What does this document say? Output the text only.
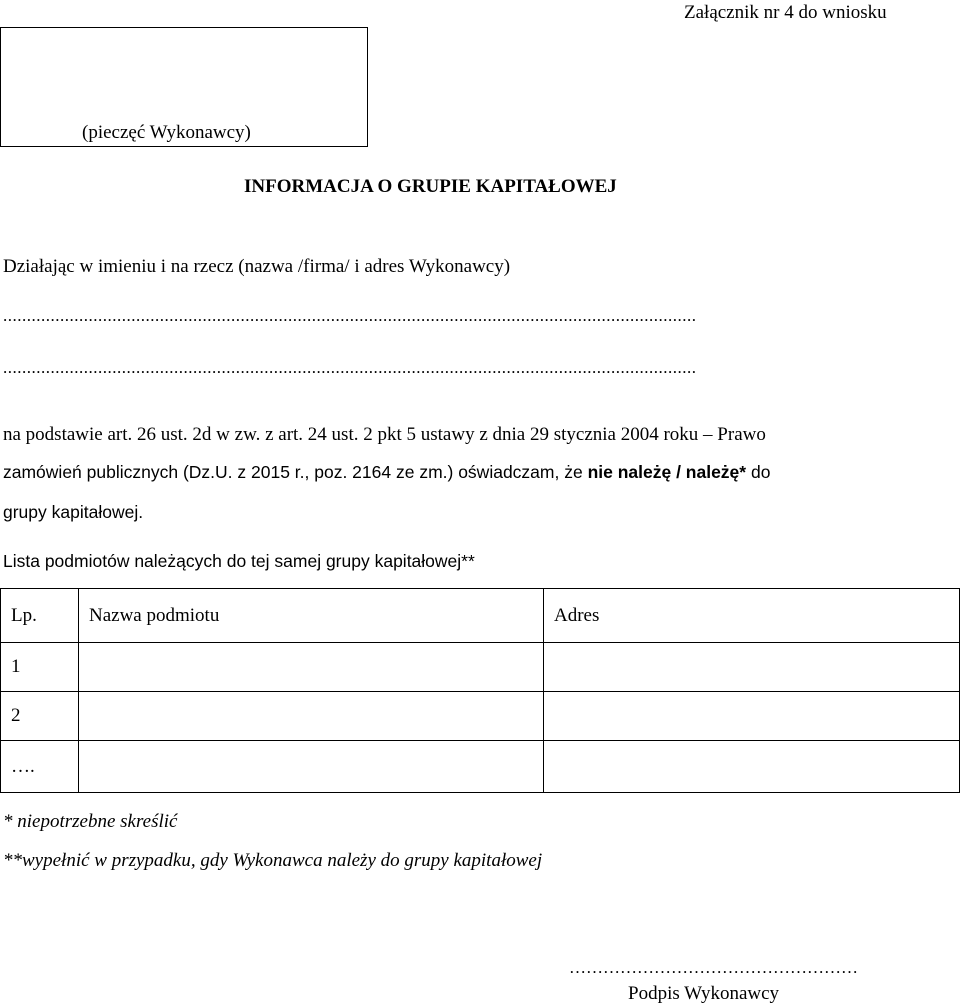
Załącznik nr 4 do wniosku
(pieczęć Wykonawcy)
INFORMACJA O GRUPIE KAPITAŁOWEJ
Działając w imieniu i na rzecz (nazwa /firma/ i adres Wykonawcy)
..................................................................................................................................................
..................................................................................................................................................
na podstawie art. 26 ust. 2d w zw. z art. 24 ust. 2 pkt 5 ustawy z dnia 29 stycznia 2004 roku – Prawo
zamówień publicznych (Dz.U. z 2015 r., poz. 2164 ze zm.) oświadczam, że nie należę / należę* do
grupy kapitałowej.
Lista podmiotów należących do tej samej grupy kapitałowej**
Lp.	Nazwa podmiotu	Adres
1		
2		
….		
* niepotrzebne skreślić
**wypełnić w przypadku, gdy Wykonawca należy do grupy kapitałowej
……………………………………………
Podpis Wykonawcy
